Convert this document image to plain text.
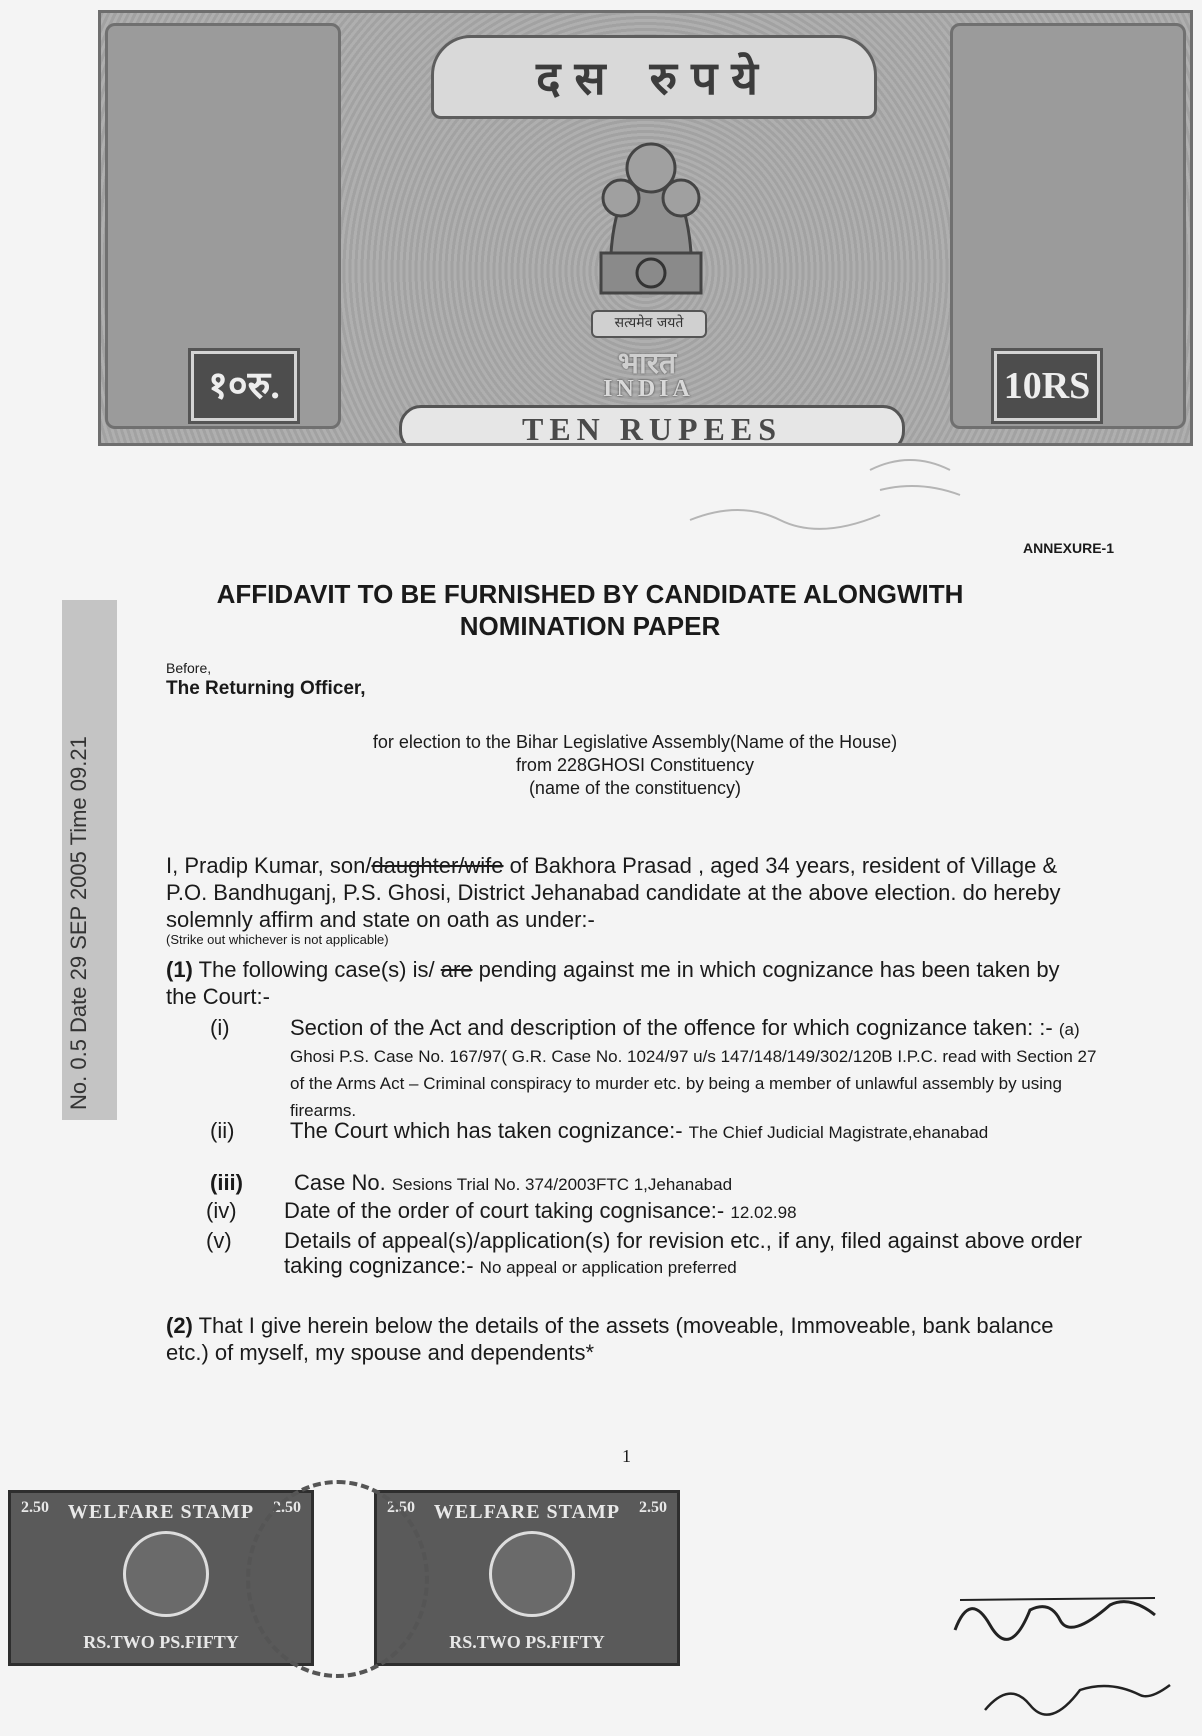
दस रुपये
सत्यमेव जयते
भारत
INDIA
TEN RUPEES
१०रु.	10RS
No. 0.5 Date 29 SEP 2005 Time 09.21
ANNEXURE-1
AFFIDAVIT TO BE FURNISHED BY CANDIDATE ALONGWITH
NOMINATION PAPER
Before,
The Returning Officer,
for election to the Bihar Legislative Assembly(Name of the House)
from 228GHOSI Constituency
(name of the constituency)
I, Pradip Kumar, son/daughter/wife of Bakhora Prasad , aged 34 years, resident of Village & P.O. Bandhuganj, P.S. Ghosi, District Jehanabad candidate at the above election. do hereby solemnly affirm and state on oath as under:-
(Strike out whichever is not applicable)
(1) The following case(s) is/ are pending against me in which cognizance has been taken by the Court:-
(i)	Section of the Act and description of the offence for which cognizance taken: :- (a) Ghosi P.S. Case No. 167/97( G.R. Case No. 1024/97 u/s 147/148/149/302/120B I.P.C. read with Section 27 of the Arms Act – Criminal conspiracy to murder etc. by being a member of unlawful assembly by using firearms.
(ii)	The Court which has taken cognizance:- The Chief Judicial Magistrate,ehanabad
(iii) Case No. Sesions Trial No. 374/2003FTC 1,Jehanabad
(iv) Date of the order of court taking cognisance:- 12.02.98
(v) Details of appeal(s)/application(s) for revision etc., if any, filed against above order taking cognizance:- No appeal or application preferred
(2) That I give herein below the details of the assets (moveable, Immoveable, bank balance etc.) of myself, my spouse and dependents*
1
2.50	2.50
WELFARE STAMP
RS.TWO PS.FIFTY
2.50	2.50
WELFARE STAMP
RS.TWO PS.FIFTY
